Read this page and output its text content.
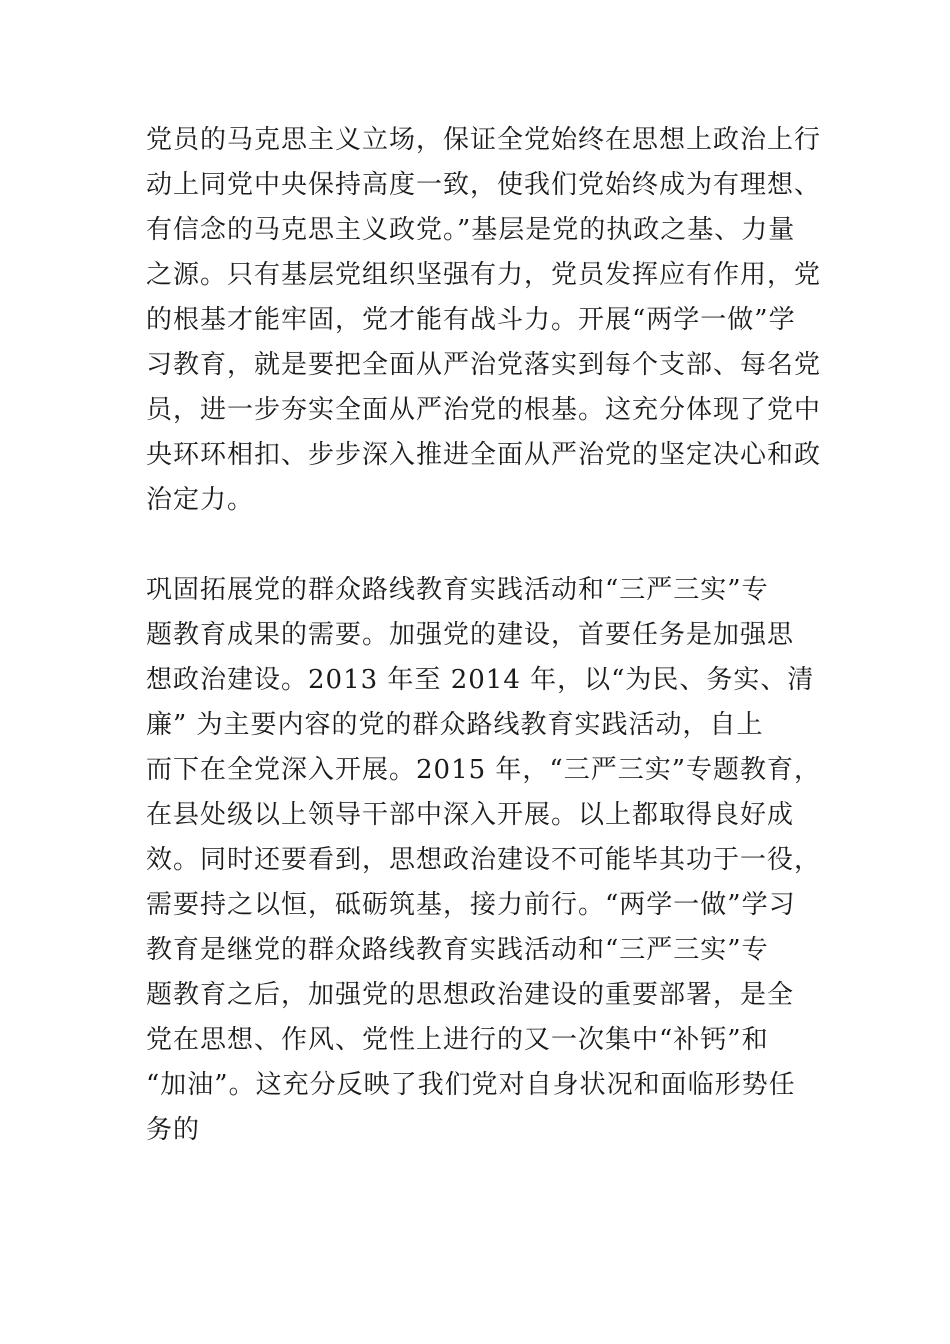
党员的马克思主义立场，保证全党始终在思想上政治上行
动上同党中央保持高度一致，使我们党始终成为有理想、
有信念的马克思主义政党。”基层是党的执政之基、力量
之源。只有基层党组织坚强有力，党员发挥应有作用，党
的根基才能牢固，党才能有战斗力。开展“两学一做”学
习教育，就是要把全面从严治党落实到每个支部、每名党
员，进一步夯实全面从严治党的根基。这充分体现了党中
央环环相扣、步步深入推进全面从严治党的坚定决心和政
治定力。
巩固拓展党的群众路线教育实践活动和“三严三实”专
题教育成果的需要。加强党的建设，首要任务是加强思
想政治建设。2013 年至 2014 年，以“为民、务实、清
廉” 为主要内容的党的群众路线教育实践活动，自上
而下在全党深入开展。2015 年，“三严三实”专题教育，
在县处级以上领导干部中深入开展。以上都取得良好成
效。同时还要看到，思想政治建设不可能毕其功于一役，
需要持之以恒，砥砺筑基，接力前行。“两学一做”学习
教育是继党的群众路线教育实践活动和“三严三实”专
题教育之后，加强党的思想政治建设的重要部署，是全
党在思想、作风、党性上进行的又一次集中“补钙”和
“加油”。这充分反映了我们党对自身状况和面临形势任
务的
